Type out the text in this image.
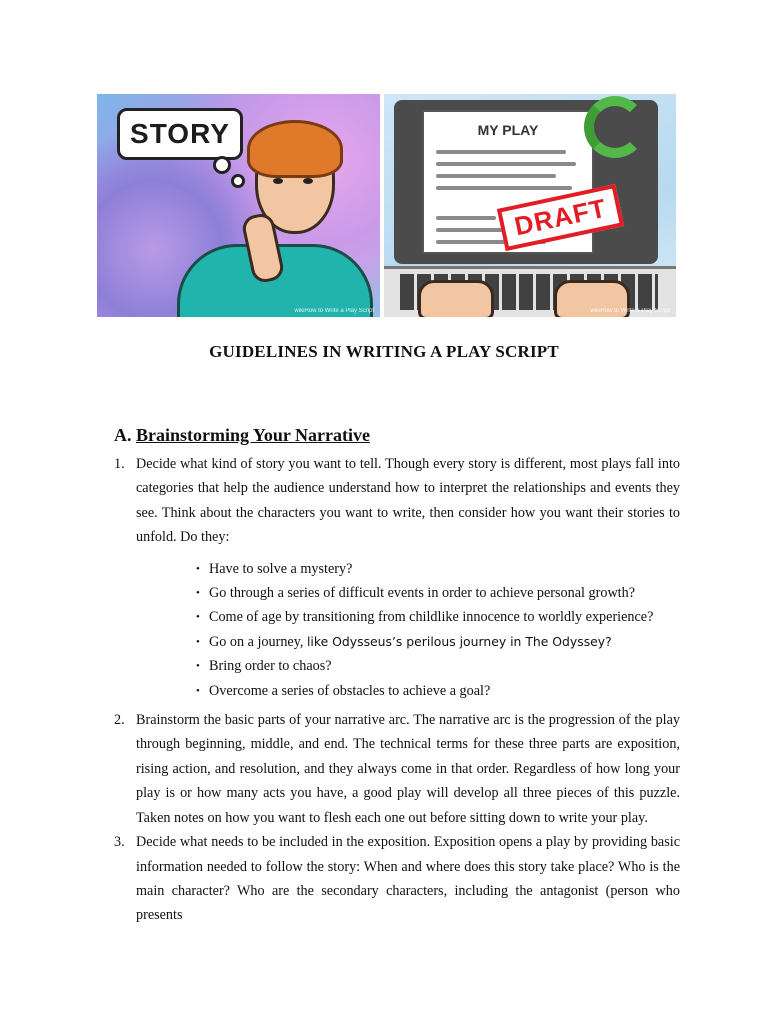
STORY
wikiHow to Write a Play Script
MY PLAY
DRAFT
wikiHow to Write a Play Script
GUIDELINES IN WRITING A PLAY SCRIPT
A. Brainstorming Your Narrative
1. Decide what kind of story you want to tell. Though every story is different, most plays fall into categories that help the audience understand how to interpret the relationships and events they see. Think about the characters you want to write, then consider how you want their stories to unfold. Do they:
• Have to solve a mystery?
• Go through a series of difficult events in order to achieve personal growth?
• Come of age by transitioning from childlike innocence to worldly experience?
• Go on a journey, like Odysseus’s perilous journey in The Odyssey?
• Bring order to chaos?
• Overcome a series of obstacles to achieve a goal?
2. Brainstorm the basic parts of your narrative arc. The narrative arc is the progression of the play through beginning, middle, and end. The technical terms for these three parts are exposition, rising action, and resolution, and they always come in that order. Regardless of how long your play is or how many acts you have, a good play will develop all three pieces of this puzzle. Taken notes on how you want to flesh each one out before sitting down to write your play.
3. Decide what needs to be included in the exposition. Exposition opens a play by providing basic information needed to follow the story: When and where does this story take place? Who is the main character? Who are the secondary characters, including the antagonist (person who presents
